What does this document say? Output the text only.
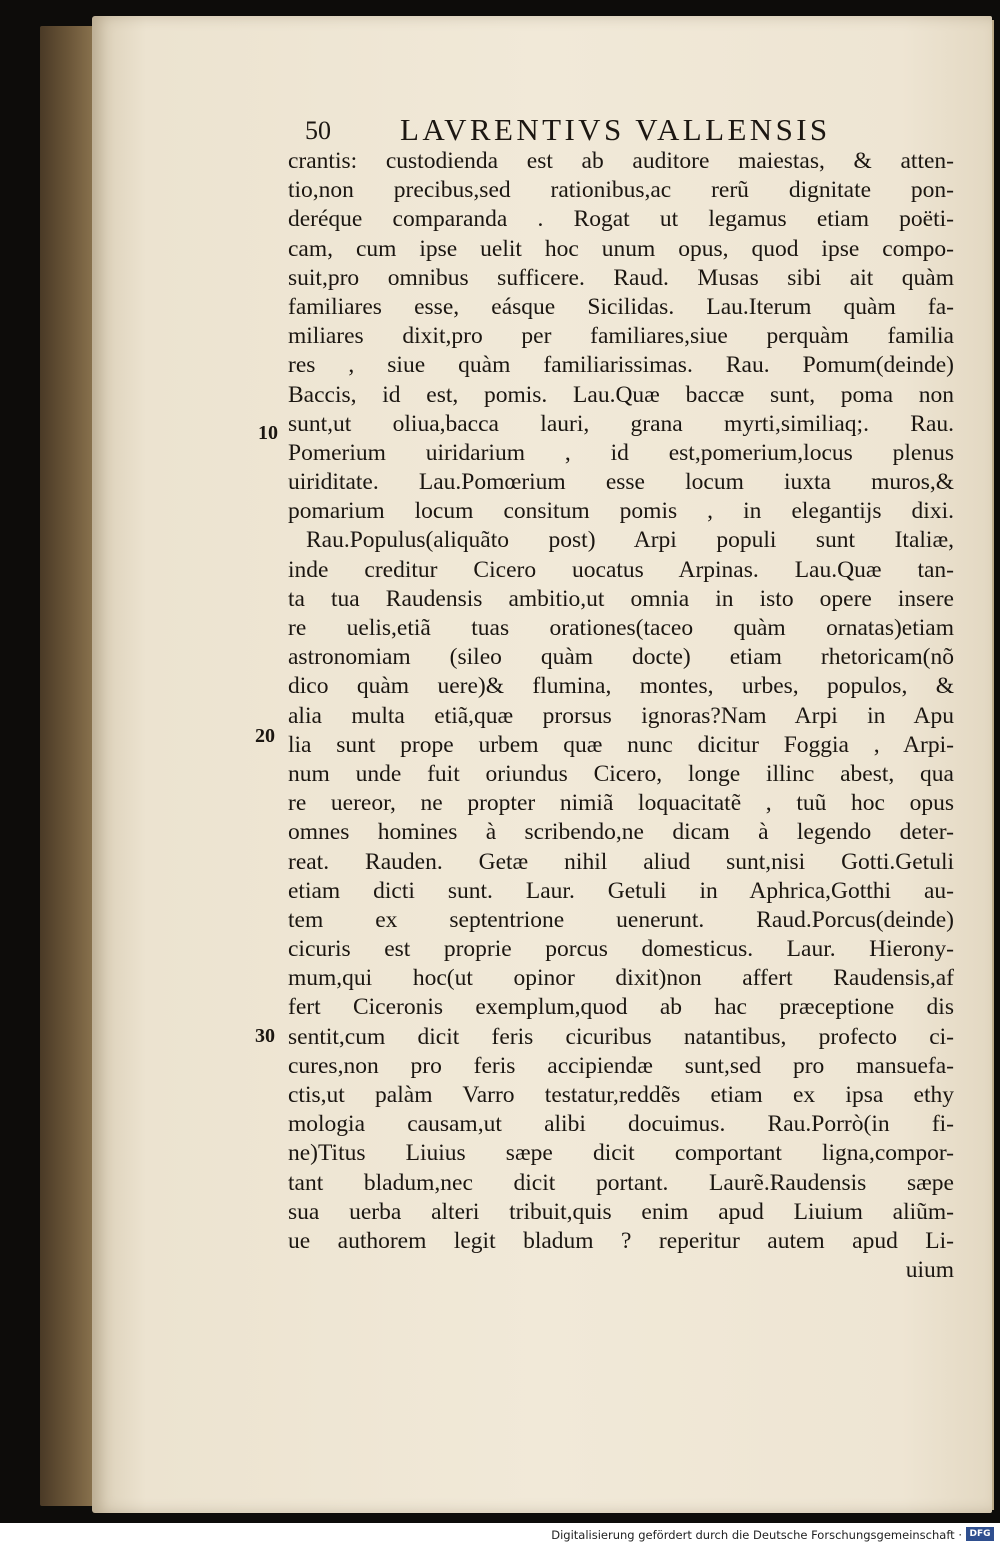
50 LAVRENTIVS VALLENSIS
10
20
30
crantis: custodienda est ab auditore maiestas, & atten-
tio,non precibus,sed rationibus,ac rerũ dignitate pon-
deréque comparanda . Rogat ut legamus etiam poëti-
cam, cum ipse uelit hoc unum opus, quod ipse compo-
suit,pro omnibus sufficere. Raud. Musas sibi ait quàm
familiares esse, eásque Sicilidas. Lau.Iterum quàm fa-
miliares dixit,pro per familiares,siue perquàm familia
res , siue quàm familiarissimas. Rau. Pomum(deinde)
Baccis, id est, pomis. Lau.Quæ baccæ sunt, poma non
sunt,ut oliua,bacca lauri, grana myrti,similiaq;. Rau.
Pomerium uiridarium , id est,pomerium,locus plenus
uiriditate. Lau.Pomœrium esse locum iuxta muros,&
pomarium locum consitum pomis , in elegantijs dixi.
Rau.Populus(aliquãto post) Arpi populi sunt Italiæ,
inde creditur Cicero uocatus Arpinas. Lau.Quæ tan-
ta tua Raudensis ambitio,ut omnia in isto opere insere
re uelis,etiã tuas orationes(taceo quàm ornatas)etiam
astronomiam (sileo quàm docte) etiam rhetoricam(nõ
dico quàm uere)& flumina, montes, urbes, populos, &
alia multa etiã,quæ prorsus ignoras?Nam Arpi in Apu
lia sunt prope urbem quæ nunc dicitur Foggia , Arpi-
num unde fuit oriundus Cicero, longe illinc abest, qua
re uereor, ne propter nimiã loquacitatẽ , tuũ hoc opus
omnes homines à scribendo,ne dicam à legendo deter-
reat. Rauden. Getæ nihil aliud sunt,nisi Gotti.Getuli
etiam dicti sunt. Laur. Getuli in Aphrica,Gotthi au-
tem ex septentrione uenerunt. Raud.Porcus(deinde)
cicuris est proprie porcus domesticus. Laur. Hierony-
mum,qui hoc(ut opinor dixit)non affert Raudensis,af
fert Ciceronis exemplum,quod ab hac præceptione dis
sentit,cum dicit feris cicuribus natantibus, profecto ci-
cures,non pro feris accipiendæ sunt,sed pro mansuefa-
ctis,ut palàm Varro testatur,reddẽs etiam ex ipsa ethy
mologia causam,ut alibi docuimus. Rau.Porrò(in fi-
ne)Titus Liuius sæpe dicit comportant ligna,compor-
tant bladum,nec dicit portant. Laurẽ.Raudensis sæpe
sua uerba alteri tribuit,quis enim apud Liuium aliũm-
ue authorem legit bladum ? reperitur autem apud Li-
uium
Digitalisierung gefördert durch die Deutsche Forschungsgemeinschaft · DFG
